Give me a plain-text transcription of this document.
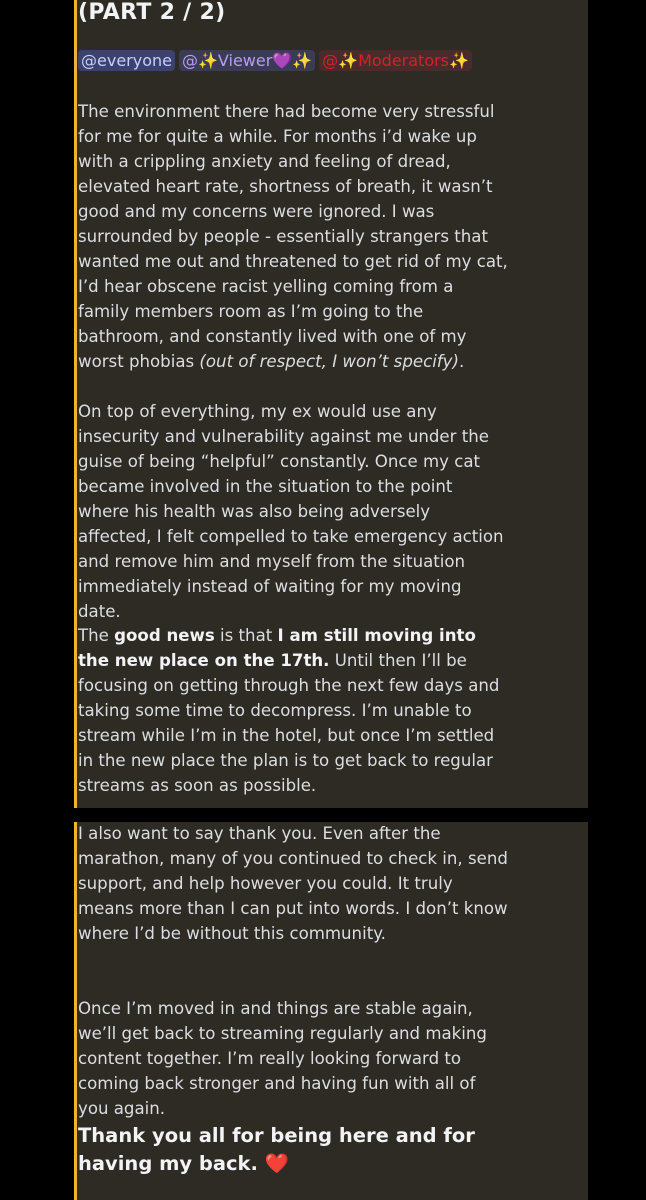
(PART 2 / 2)
@everyone @✨Viewer💜✨ @✨Moderators✨

The environment there had become very stressful for me for quite a while. For months i’d wake up with a crippling anxiety and feeling of dread, elevated heart rate, shortness of breath, it wasn’t good and my concerns were ignored. I was surrounded by people - essentially strangers that wanted me out and threatened to get rid of my cat, I’d hear obscene racist yelling coming from a family members room as I’m going to the bathroom, and constantly lived with one of my worst phobias (out of respect, I won’t specify).

On top of everything, my ex would use any insecurity and vulnerability against me under the guise of being “helpful” constantly. Once my cat became involved in the situation to the point where his health was also being adversely affected, I felt compelled to take emergency action and remove him and myself from the situation immediately instead of waiting for my moving date.

The good news is that I am still moving into the new place on the 17th. Until then I’ll be focusing on getting through the next few days and taking some time to decompress. I’m unable to stream while I’m in the hotel, but once I’m settled in the new place the plan is to get back to regular streams as soon as possible.

I also want to say thank you. Even after the marathon, many of you continued to check in, send support, and help however you could. It truly means more than I can put into words. I don’t know where I’d be without this community.

Once I’m moved in and things are stable again, we’ll get back to streaming regularly and making content together. I’m really looking forward to coming back stronger and having fun with all of you again.

Thank you all for being here and for having my back. ❤️
